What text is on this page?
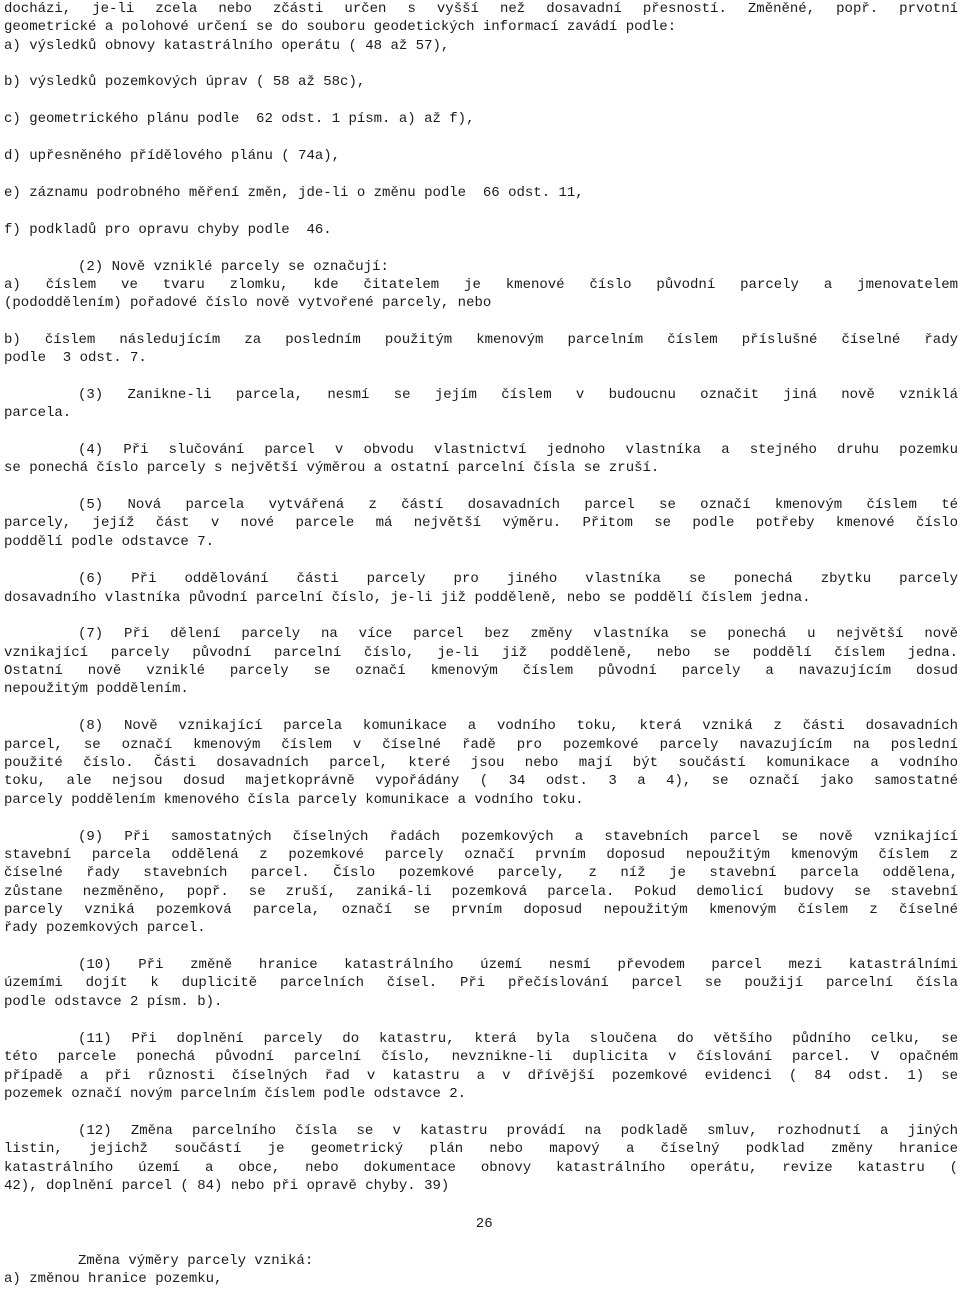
docházi, je-li zcela nebo zčásti určen s vyšší než dosavadní přesností. Změněné, popř. prvotní
geometrické a polohové určení se do souboru geodetických informací zavádí podle:
a) výsledků obnovy katastrálního operátu ( 48 až 57),
b) výsledků pozemkových úprav ( 58 až 58c),
c) geometrického plánu podle  62 odst. 1 písm. a) až f),
d) upřesněného přídělového plánu ( 74a),
e) záznamu podrobného měření změn, jde-li o změnu podle  66 odst. 11,
f) podkladů pro opravu chyby podle  46.
(2) Nově vzniklé parcely se označují:
a) číslem ve tvaru zlomku, kde čitatelem je kmenové číslo původní parcely a jmenovatelem
(pododdělením) pořadové číslo nově vytvořené parcely, nebo
b) číslem následujícím za posledním použitým kmenovým parcelním číslem příslušné číselné řady
podle  3 odst. 7.
(3) Zanikne-li parcela, nesmí se jejím číslem v budoucnu označit jiná nově vzniklá
parcela.
(4) Při slučování parcel v obvodu vlastnictví jednoho vlastníka a stejného druhu pozemku
se ponechá číslo parcely s největší výměrou a ostatní parcelní čísla se zruší.
(5) Nová parcela vytvářená z částí dosavadních parcel se označí kmenovým číslem té
parcely, jejíž část v nové parcele má největší výměru. Přitom se podle potřeby kmenové číslo
poddělí podle odstavce 7.
(6) Při oddělování části parcely pro jiného vlastníka se ponechá zbytku parcely
dosavadního vlastníka původní parcelní číslo, je-li již podděleně, nebo se poddělí číslem jedna.
(7) Při dělení parcely na více parcel bez změny vlastníka se ponechá u největší nově
vznikající parcely původní parcelní číslo, je-li již podděleně, nebo se poddělí číslem jedna.
Ostatní nově vzniklé parcely se označí kmenovým číslem původní parcely a navazujícím dosud
nepoužitým poddělením.
(8) Nově vznikající parcela komunikace a vodního toku, která vzniká z části dosavadních
parcel, se označí kmenovým číslem v číselné řadě pro pozemkové parcely navazujícím na poslední
použité číslo. Části dosavadních parcel, které jsou nebo mají být součástí komunikace a vodního
toku, ale nejsou dosud majetkoprávně vypořádány ( 34 odst. 3 a 4), se označí jako samostatné
parcely poddělením kmenového čísla parcely komunikace a vodního toku.
(9) Při samostatných číselných řadách pozemkových a stavebních parcel se nově vznikající
stavební parcela oddělená z pozemkové parcely označí prvním doposud nepoužitým kmenovým číslem z
číselné řady stavebních parcel. Číslo pozemkové parcely, z níž je stavební parcela oddělena,
zůstane nezměněno, popř. se zruší, zaniká-li pozemková parcela. Pokud demolicí budovy se stavební
parcely vzniká pozemková parcela, označí se prvním doposud nepoužitým kmenovým číslem z číselné
řady pozemkových parcel.
(10) Při změně hranice katastrálního území nesmí převodem parcel mezi katastrálními
územími dojít k duplicitě parcelních čísel. Při přečíslování parcel se použijí parcelní čísla
podle odstavce 2 písm. b).
(11) Při doplnění parcely do katastru, která byla sloučena do většího půdního celku, se
této parcele ponechá původní parcelní číslo, nevznikne-li duplicita v číslování parcel. V opačném
případě a při různosti číselných řad v katastru a v dřívější pozemkové evidenci ( 84 odst. 1) se
pozemek označí novým parcelním číslem podle odstavce 2.
(12) Změna parcelního čísla se v katastru provádí na podkladě smluv, rozhodnutí a jiných
listin, jejichž součástí je geometrický plán nebo mapový a číselný podklad změny hranice
katastrálního území a obce, nebo dokumentace obnovy katastrálního operátu, revize katastru (
42), doplnění parcel ( 84) nebo při opravě chyby. 39)
26
Změna výměry parcely vzniká:
a) změnou hranice pozemku,
